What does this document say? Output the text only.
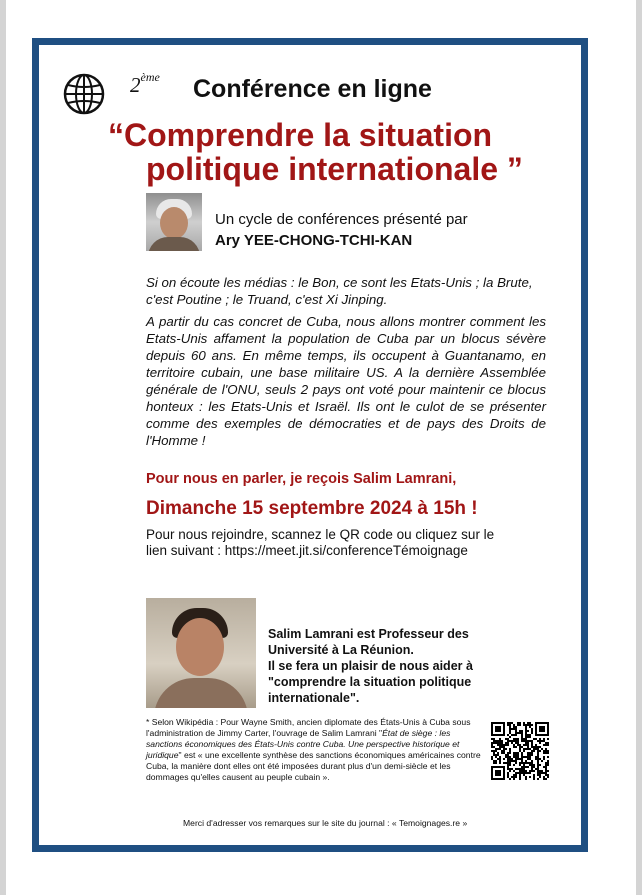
2ème Conférence en ligne
“Comprendre la situation
politique internationale ”
Un cycle de conférences présenté par
Ary YEE-CHONG-TCHI-KAN

Si on écoute les médias : le Bon, ce sont les Etats-Unis ; la Brute, c'est Poutine ; le Truand, c'est Xi Jinping.

A partir du cas concret de Cuba, nous allons montrer comment les Etats-Unis affament la population de Cuba par un blocus sévère depuis 60 ans. En même temps, ils occupent à Guantanamo, en territoire cubain, une base militaire US. A la dernière Assemblée générale de l'ONU, seuls 2 pays ont voté pour maintenir ce blocus honteux : les Etats-Unis et Israël. Ils ont le culot de se présenter comme des exemples de démocraties et de pays des Droits de l'Homme !

Pour nous en parler, je reçois Salim Lamrani,
Dimanche 15 septembre 2024 à 15h !

Pour nous rejoindre, scannez le QR code ou cliquez sur le
lien suivant : https://meet.jit.si/conferenceTémoignage

Salim Lamrani est Professeur des
Université à La Réunion.
Il se fera un plaisir de nous aider à
"comprendre la situation politique
internationale".

* Selon Wikipédia : Pour Wayne Smith, ancien diplomate des États-Unis à Cuba sous l'administration de Jimmy Carter, l'ouvrage de Salim Lamrani "État de siège : les sanctions économiques des États-Unis contre Cuba. Une perspective historique et juridique" est « une excellente synthèse des sanctions économiques américaines contre Cuba, la manière dont elles ont été imposées durant plus d'un demi-siècle et les dommages qu'elles causent au peuple cubain ».

Merci d'adresser vos remarques sur le site du journal : « Temoignages.re »
